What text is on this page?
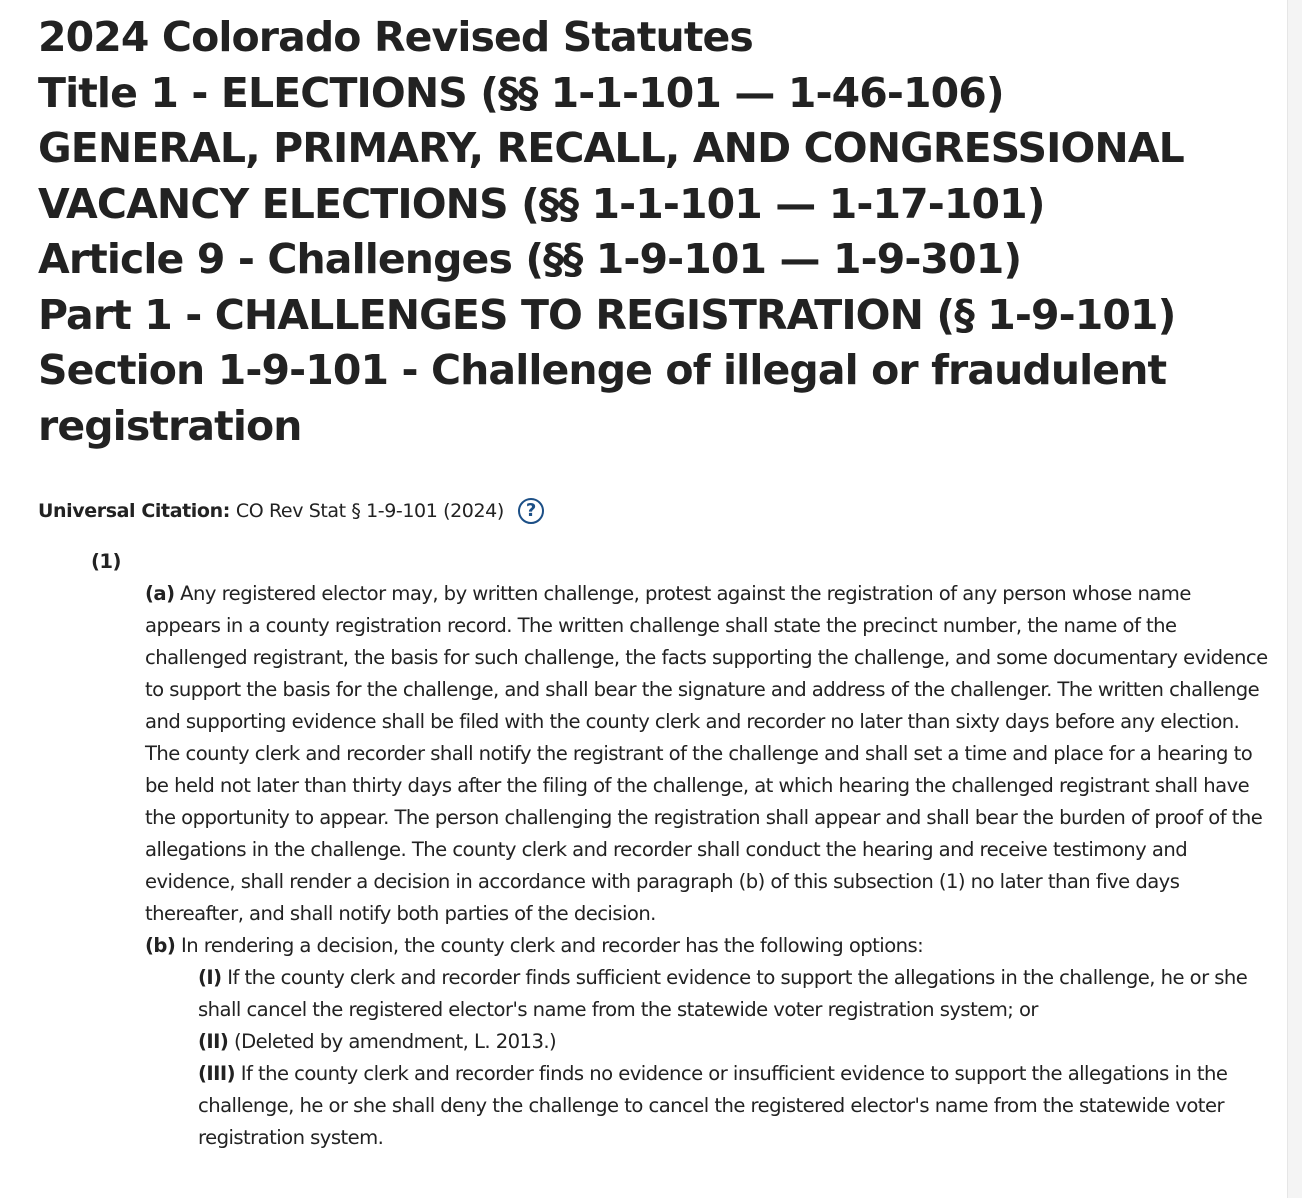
2024 Colorado Revised Statutes
Title 1 - ELECTIONS (§§ 1-1-101 — 1-46-106)
GENERAL, PRIMARY, RECALL, AND CONGRESSIONAL
VACANCY ELECTIONS (§§ 1-1-101 — 1-17-101)
Article 9 - Challenges (§§ 1-9-101 — 1-9-301)
Part 1 - CHALLENGES TO REGISTRATION (§ 1-9-101)
Section 1-9-101 - Challenge of illegal or fraudulent
registration
Universal Citation: CO Rev Stat § 1-9-101 (2024)	?
(1)
(a) Any registered elector may, by written challenge, protest against the registration of any person whose name appears in a county registration record. The written challenge shall state the precinct number, the name of the challenged registrant, the basis for such challenge, the facts supporting the challenge, and some documentary evidence to support the basis for the challenge, and shall bear the signature and address of the challenger. The written challenge and supporting evidence shall be filed with the county clerk and recorder no later than sixty days before any election. The county clerk and recorder shall notify the registrant of the challenge and shall set a time and place for a hearing to be held not later than thirty days after the filing of the challenge, at which hearing the challenged registrant shall have the opportunity to appear. The person challenging the registration shall appear and shall bear the burden of proof of the allegations in the challenge. The county clerk and recorder shall conduct the hearing and receive testimony and evidence, shall render a decision in accordance with paragraph (b) of this subsection (1) no later than five days thereafter, and shall notify both parties of the decision.
(b) In rendering a decision, the county clerk and recorder has the following options:
(I) If the county clerk and recorder finds sufficient evidence to support the allegations in the challenge, he or she shall cancel the registered elector's name from the statewide voter registration system; or
(II) (Deleted by amendment, L. 2013.)
(III) If the county clerk and recorder finds no evidence or insufficient evidence to support the allegations in the challenge, he or she shall deny the challenge to cancel the registered elector's name from the statewide voter registration system.
